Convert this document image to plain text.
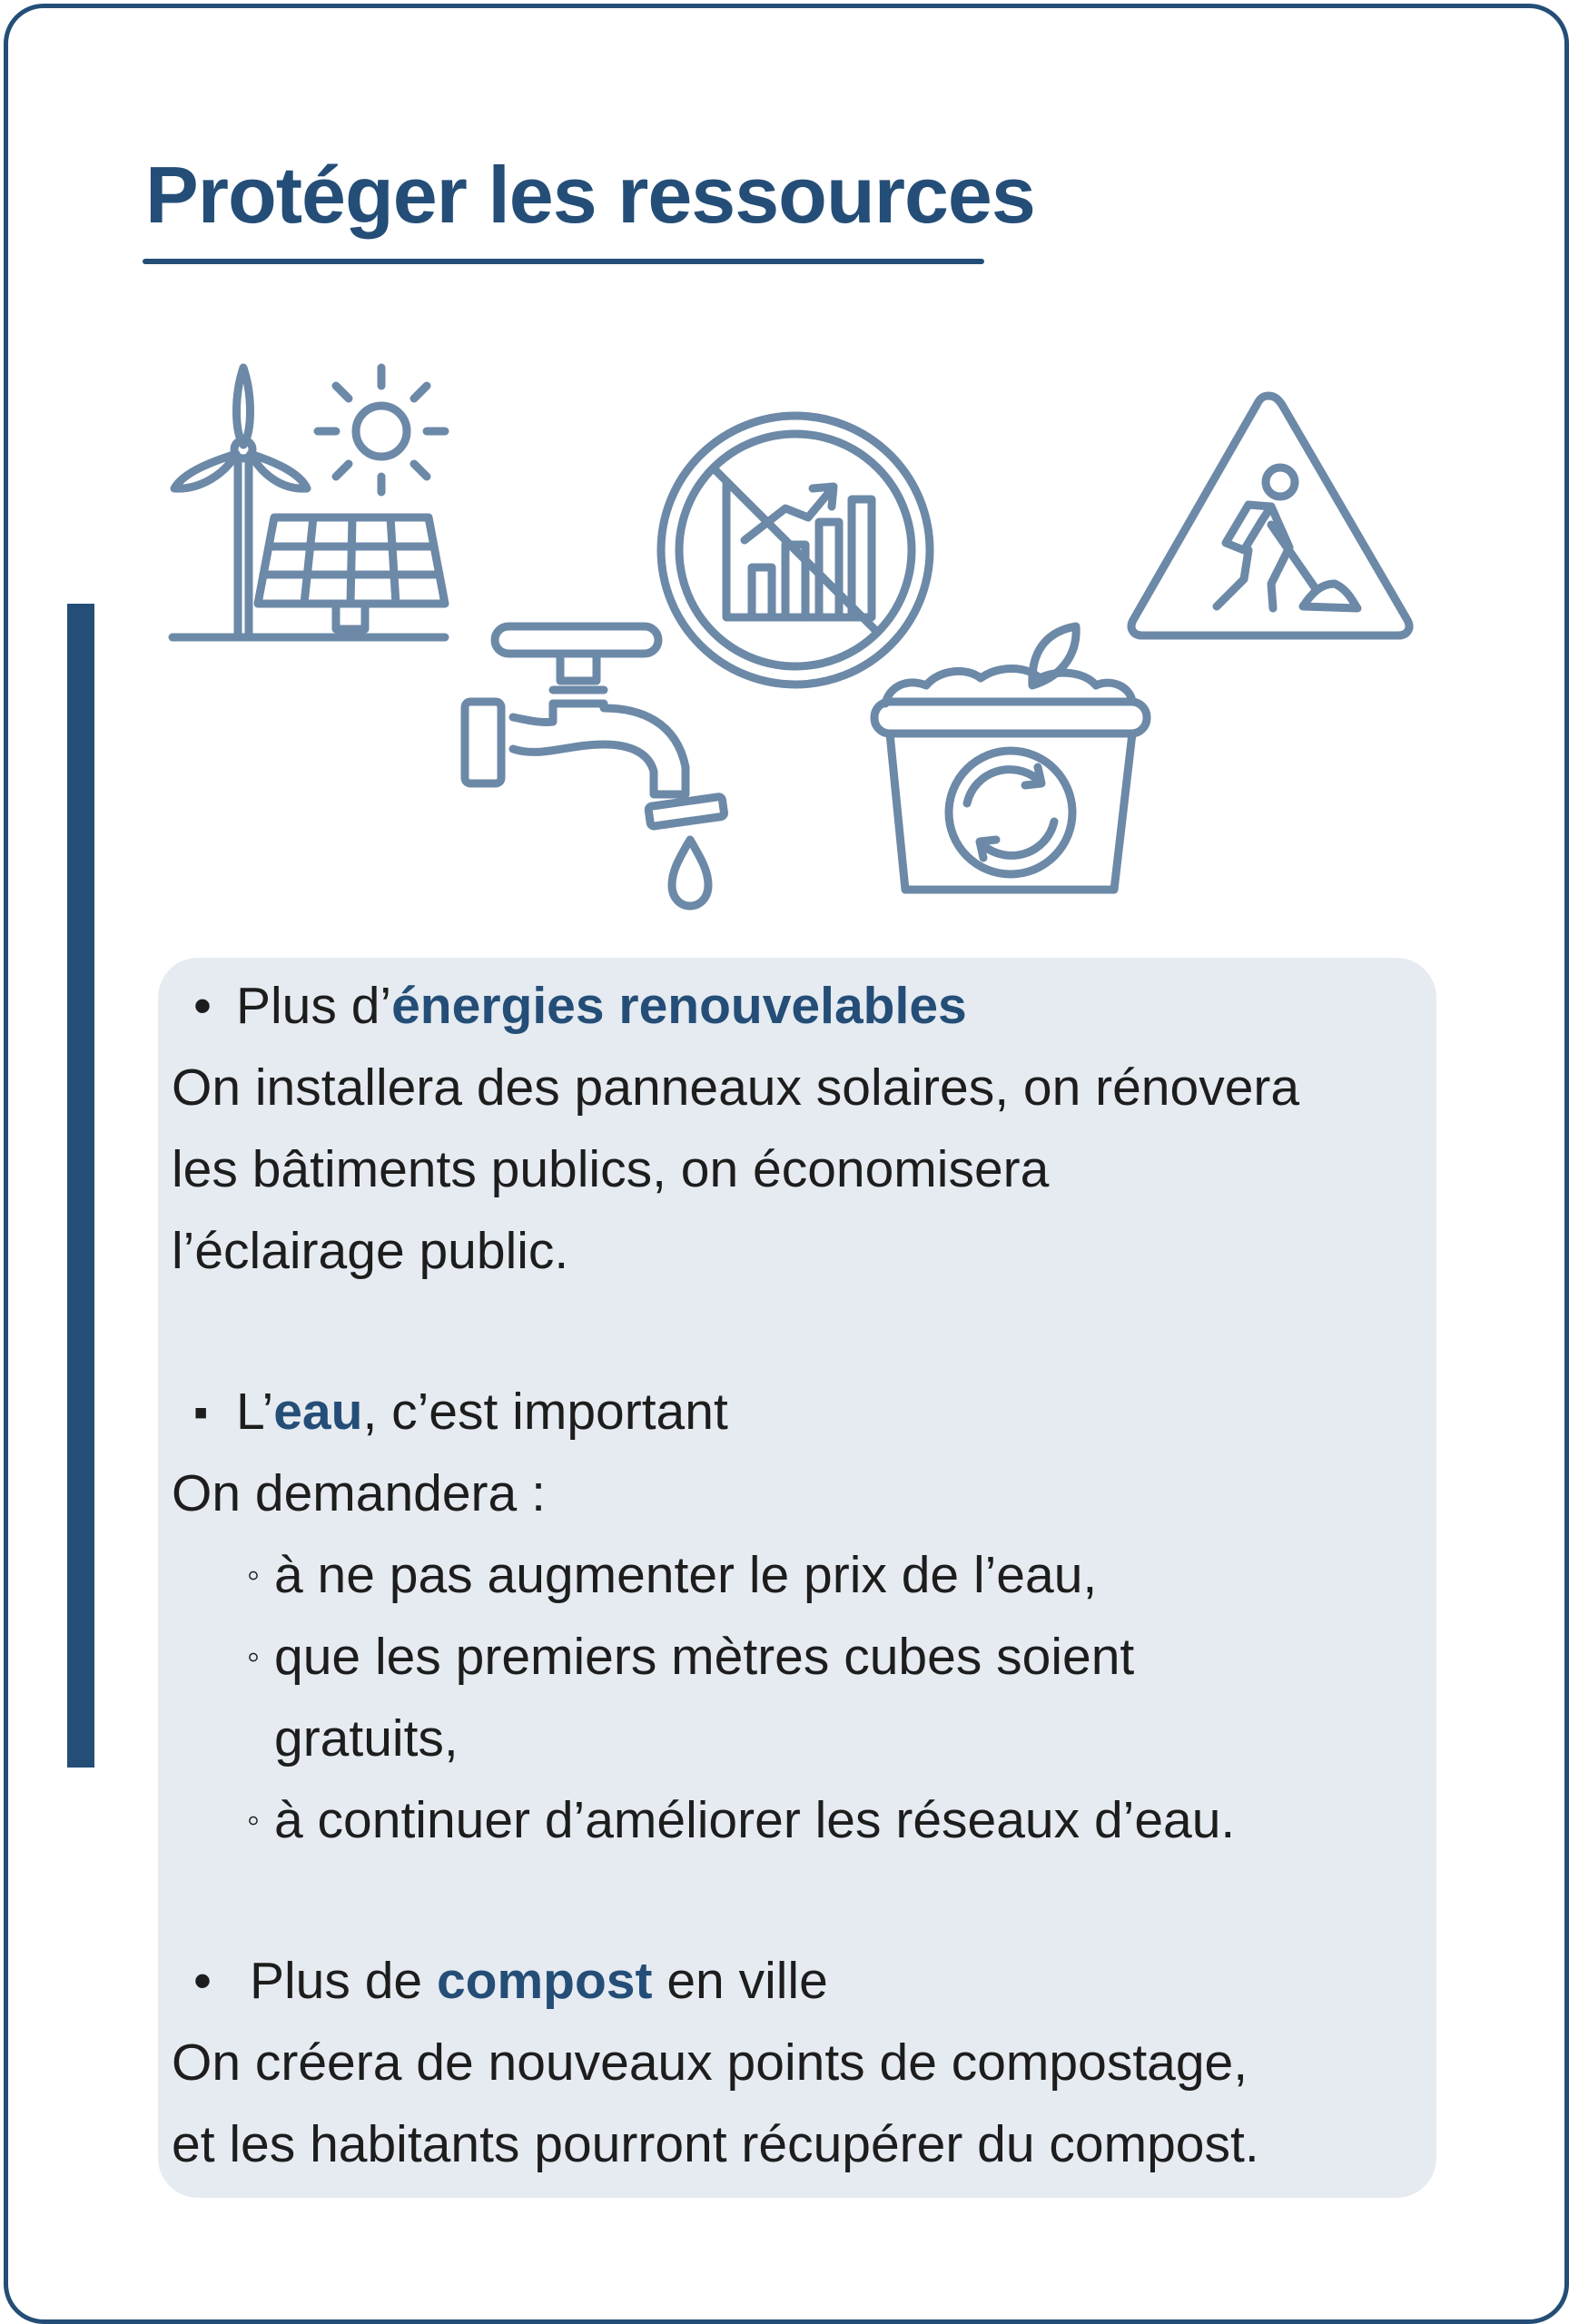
Protéger les ressources
• Plus d’énergies renouvelables
On installera des panneaux solaires, on rénovera
les bâtiments publics, on économisera
l’éclairage public.
▪ L’eau, c’est important
On demandera :
◦ à ne pas augmenter le prix de l’eau,
◦ que les premiers mètres cubes soient
gratuits,
◦ à continuer d’améliorer les réseaux d’eau.
• Plus de compost en ville
On créera de nouveaux points de compostage,
et les habitants pourront récupérer du compost.
